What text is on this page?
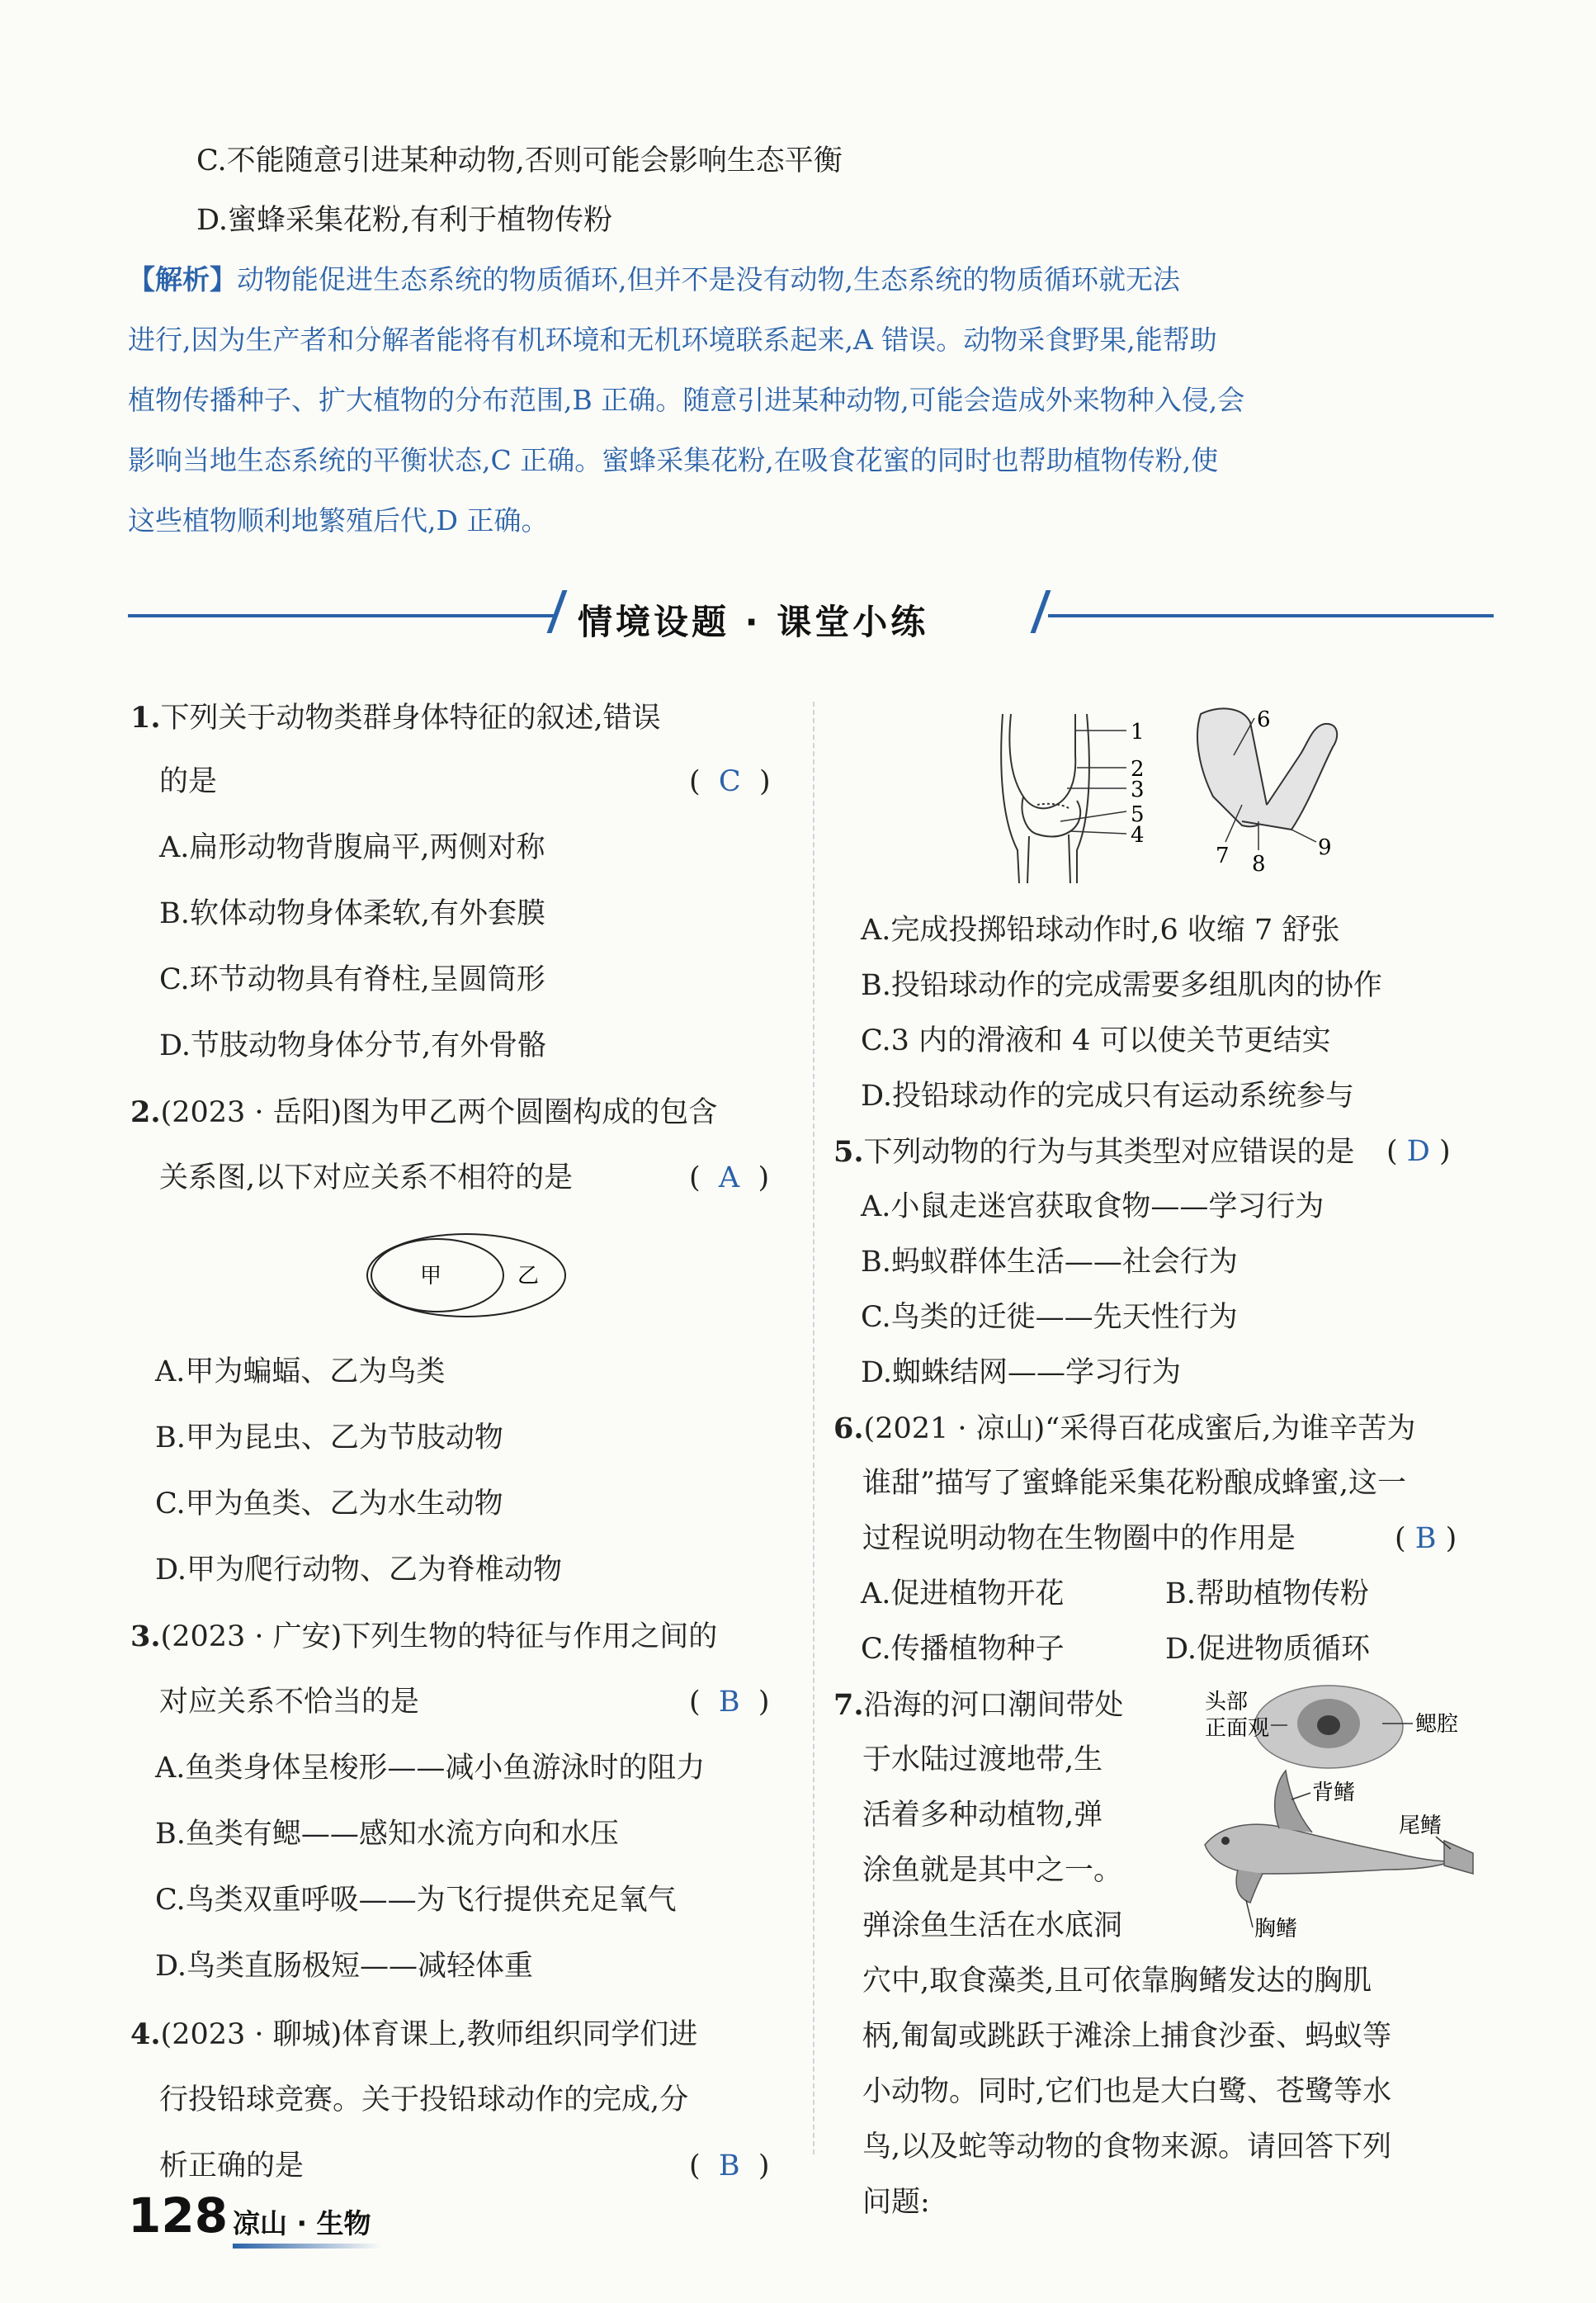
C.不能随意引进某种动物,否则可能会影响生态平衡
D.蜜蜂采集花粉,有利于植物传粉
【解析】动物能促进生态系统的物质循环,但并不是没有动物,生态系统的物质循环就无法
进行,因为生产者和分解者能将有机环境和无机环境联系起来,A 错误。动物采食野果,能帮助
植物传播种子、扩大植物的分布范围,B 正确。随意引进某种动物,可能会造成外来物种入侵,会
影响当地生态系统的平衡状态,C 正确。蜜蜂采集花粉,在吸食花蜜的同时也帮助植物传粉,使
这些植物顺利地繁殖后代,D 正确。
情境设题 · 课堂小练
1.下列关于动物类群身体特征的叙述,错误
的是	(  C  )
A.扁形动物背腹扁平,两侧对称
B.软体动物身体柔软,有外套膜
C.环节动物具有脊柱,呈圆筒形
D.节肢动物身体分节,有外骨骼
2.(2023 · 岳阳)图为甲乙两个圆圈构成的包含
关系图,以下对应关系不相符的是	(  A  )
甲	乙
A.甲为蝙蝠、乙为鸟类
B.甲为昆虫、乙为节肢动物
C.甲为鱼类、乙为水生动物
D.甲为爬行动物、乙为脊椎动物
3.(2023 · 广安)下列生物的特征与作用之间的
对应关系不恰当的是	(  B  )
A.鱼类身体呈梭形——减小鱼游泳时的阻力
B.鱼类有鳃——感知水流方向和水压
C.鸟类双重呼吸——为飞行提供充足氧气
D.鸟类直肠极短——减轻体重
4.(2023 · 聊城)体育课上,教师组织同学们进
行投铅球竞赛。关于投铅球动作的完成,分
析正确的是	(  B  )
1
2
3
5
4
6
7 8
9
A.完成投掷铅球动作时,6 收缩 7 舒张
B.投铅球动作的完成需要多组肌肉的协作
C.3 内的滑液和 4 可以使关节更结实
D.投铅球动作的完成只有运动系统参与
5.下列动物的行为与其类型对应错误的是 ( D )
A.小鼠走迷宫获取食物——学习行为
B.蚂蚁群体生活——社会行为
C.鸟类的迁徙——先天性行为
D.蜘蛛结网——学习行为
6.(2021 · 凉山)“采得百花成蜜后,为谁辛苦为
谁甜”描写了蜜蜂能采集花粉酿成蜂蜜,这一
过程说明动物在生物圈中的作用是	( B )
A.促进植物开花	B.帮助植物传粉
C.传播植物种子	D.促进物质循环
7.沿海的河口潮间带处
于水陆过渡地带,生
活着多种动植物,弹
涂鱼就是其中之一。
弹涂鱼生活在水底洞
穴中,取食藻类,且可依靠胸鳍发达的胸肌
柄,匍匐或跳跃于滩涂上捕食沙蚕、蚂蚁等
小动物。同时,它们也是大白鹭、苍鹭等水
鸟,以及蛇等动物的食物来源。请回答下列
问题:
头部
正面观	鳃腔
背鳍
尾鳍
胸鳍
128 凉山 · 生物
